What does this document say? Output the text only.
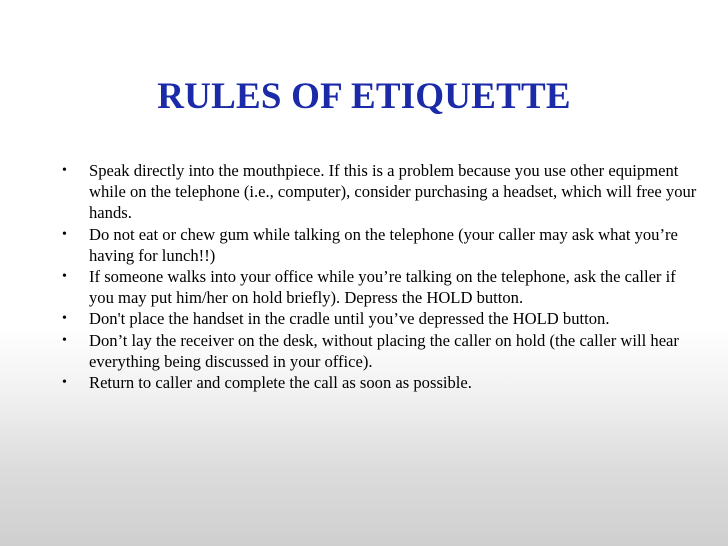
RULES OF ETIQUETTE
• Speak directly into the mouthpiece. If this is a problem because you use other equipment while on the telephone (i.e., computer), consider purchasing a headset, which will free your hands.
• Do not eat or chew gum while talking on the telephone (your caller may ask what you’re having for lunch!!)
• If someone walks into your office while you’re talking on the telephone, ask the caller if you may put him/her on hold briefly). Depress the HOLD button.
• Don't place the handset in the cradle until you’ve depressed the HOLD button.
• Don’t lay the receiver on the desk, without placing the caller on hold (the caller will hear everything being discussed in your office).
• Return to caller and complete the call as soon as possible.
